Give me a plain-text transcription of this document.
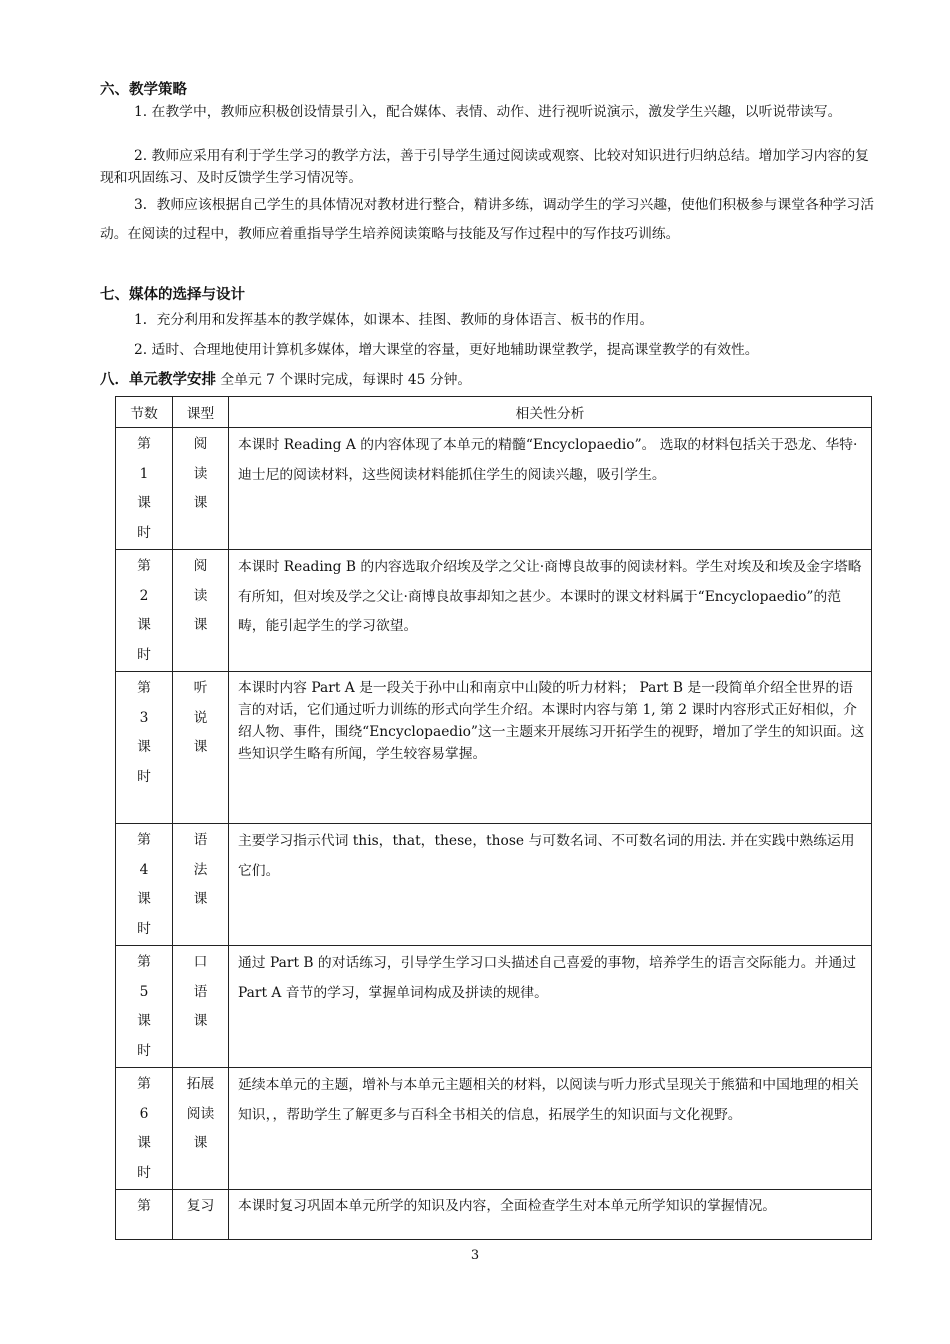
六、教学策略
1. 在教学中，教师应积极创设情景引入，配合媒体、表情、动作、进行视听说演示，激发学生兴趣，以听说带读写。
2. 教师应采用有利于学生学习的教学方法，善于引导学生通过阅读或观察、比较对知识进行归纳总结。增加学习内容的复现和巩固练习、及时反馈学生学习情况等。
3．教师应该根据自己学生的具体情况对教材进行整合，精讲多练，调动学生的学习兴趣，使他们积极参与课堂各种学习活动。在阅读的过程中，教师应着重指导学生培养阅读策略与技能及写作过程中的写作技巧训练。
七、媒体的选择与设计
1．充分利用和发挥基本的教学媒体，如课本、挂图、教师的身体语言、板书的作用。
2. 适时、合理地使用计算机多媒体，增大课堂的容量，更好地辅助课堂教学，提高课堂教学的有效性。
八．单元教学安排 全单元 7 个课时完成，每课时 45 分钟。
节数	课型	相关性分析

第
1
课
时	阅
读
课	本课时 Reading A 的内容体现了本单元的精髓“Encyclopaedio”。 选取的材料包括关于恐龙、华特·迪士尼的阅读材料，这些阅读材料能抓住学生的阅读兴趣，吸引学生。

第
2
课
时	阅
读
课	本课时 Reading B 的内容选取介绍埃及学之父让·商博良故事的阅读材料。学生对埃及和埃及金字塔略有所知，但对埃及学之父让·商博良故事却知之甚少。本课时的课文材料属于“Encyclopaedio”的范畴，能引起学生的学习欲望。

第
3
课
时	听
说
课	本课时内容 Part A 是一段关于孙中山和南京中山陵的听力材料； Part B 是一段简单介绍全世界的语言的对话，它们通过听力训练的形式向学生介绍。本课时内容与第 1, 第 2 课时内容形式正好相似，介绍人物、事件，围绕“Encyclopaedio”这一主题来开展练习开拓学生的视野，增加了学生的知识面。这些知识学生略有所闻，学生较容易掌握。

第
4
课
时	语
法
课	主要学习指示代词 this，that，these，those 与可数名词、不可数名词的用法. 并在实践中熟练运用它们。

第
5
课
时	口
语
课	通过 Part B 的对话练习，引导学生学习口头描述自己喜爱的事物，培养学生的语言交际能力。并通过 Part A 音节的学习，掌握单词构成及拼读的规律。

第
6
课
时	拓展
阅读
课	延续本单元的主题，增补与本单元主题相关的材料，以阅读与听力形式呈现关于熊猫和中国地理的相关知识，，帮助学生了解更多与百科全书相关的信息，拓展学生的知识面与文化视野。

第	复习	本课时复习巩固本单元所学的知识及内容，全面检查学生对本单元所学知识的掌握情况。
3
